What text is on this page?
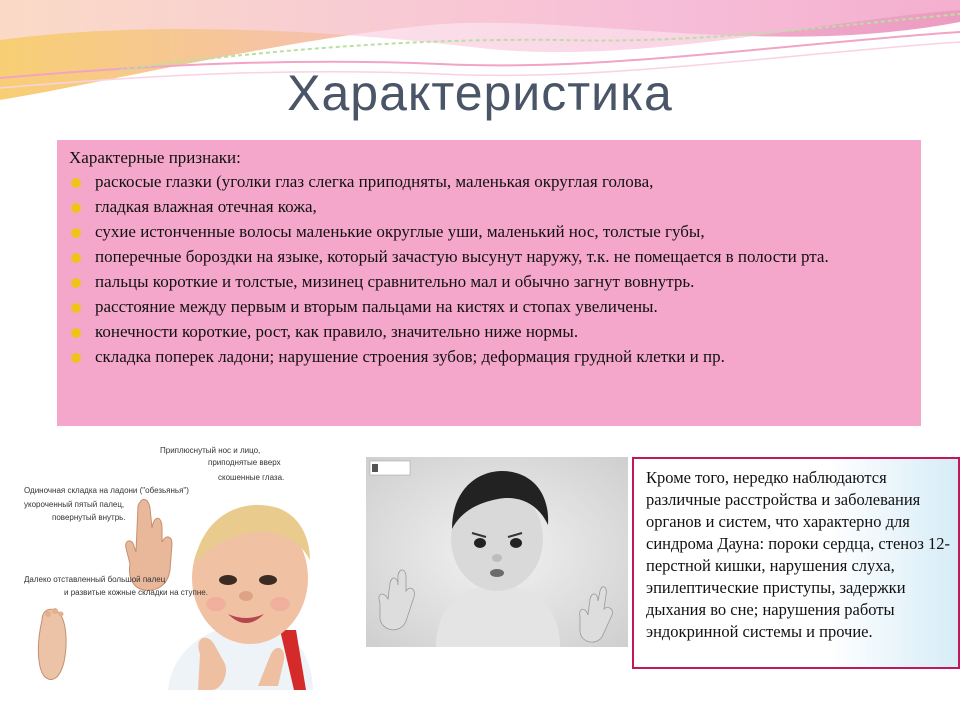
Характеристика

Характерные признаки:

раскосые глазки (уголки глаз слегка приподняты, маленькая округлая голова,
гладкая влажная отечная кожа,
сухие истонченные волосы маленькие округлые уши, маленький нос, толстые губы,
поперечные бороздки на языке, который зачастую высунут наружу, т.к. не помещается в полости рта.
пальцы короткие и толстые, мизинец сравнительно мал и обычно загнут вовнутрь.
расстояние между первым и вторым пальцами на кистях и стопах увеличены.
конечности короткие, рост, как правило, значительно ниже нормы.
складка поперек ладони; нарушение строения зубов; деформация грудной клетки и пр.
Приплюснутый нос и лицо,
приподнятые вверх
скошенные глаза.
Одиночная складка на ладони ("обезьянья")
укороченный пятый палец,
повернутый внутрь.
Далеко отставленный большой палец
и развитые кожные складки на ступне.
Кроме того, нередко наблюдаются различные расстройства и заболевания органов и систем, что характерно для синдрома Дауна: пороки сердца, стеноз 12-перстной кишки, нарушения слуха, эпилептические приступы, задержки дыхания во сне; нарушения работы эндокринной системы и прочие.
